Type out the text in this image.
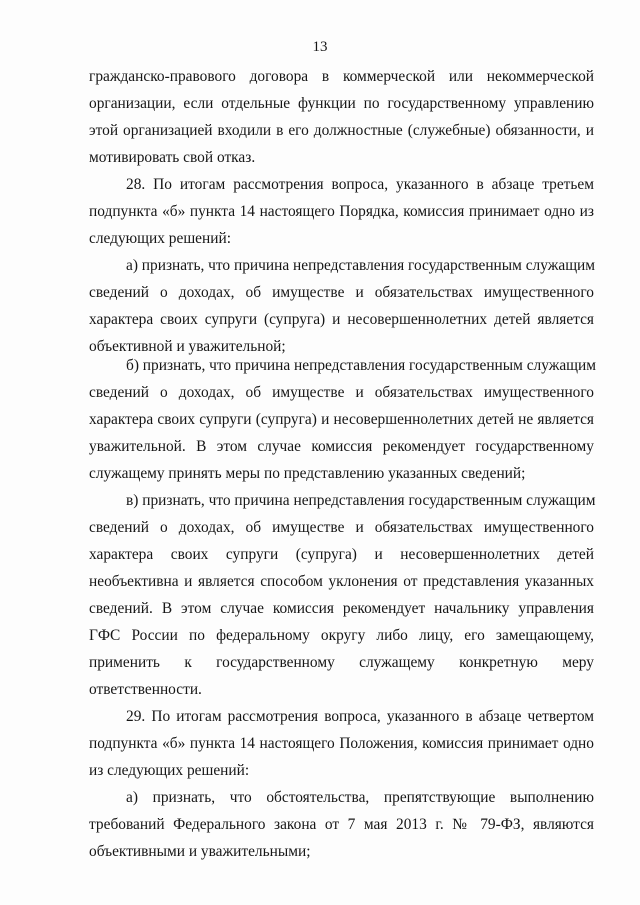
13
гражданско-правового договора в коммерческой или некоммерческой
организации, если отдельные функции по государственному управлению
этой организацией входили в его должностные (служебные) обязанности, и
мотивировать свой отказ.
28. По итогам рассмотрения вопроса, указанного в абзаце третьем
подпункта «б» пункта 14 настоящего Порядка, комиссия принимает одно из
следующих решений:
а) признать, что причина непредставления государственным служащим
сведений о доходах, об имуществе и обязательствах имущественного
характера своих супруги (супруга) и несовершеннолетних детей является
объективной и уважительной;
б) признать, что причина непредставления государственным служащим
сведений о доходах, об имуществе и обязательствах имущественного
характера своих супруги (супруга) и несовершеннолетних детей не является
уважительной. В этом случае комиссия рекомендует государственному
служащему принять меры по представлению указанных сведений;
в) признать, что причина непредставления государственным служащим
сведений о доходах, об имуществе и обязательствах имущественного
характера своих супруги (супруга) и несовершеннолетних детей
необъективна и является способом уклонения от представления указанных
сведений. В этом случае комиссия рекомендует начальнику управления
ГФС России по федеральному округу либо лицу, его замещающему,
применить к государственному служащему конкретную меру
ответственности.
29. По итогам рассмотрения вопроса, указанного в абзаце четвертом
подпункта «б» пункта 14 настоящего Положения, комиссия принимает одно
из следующих решений:
а) признать, что обстоятельства, препятствующие выполнению
требований Федерального закона от 7 мая 2013 г. № 79-ФЗ, являются
объективными и уважительными;
